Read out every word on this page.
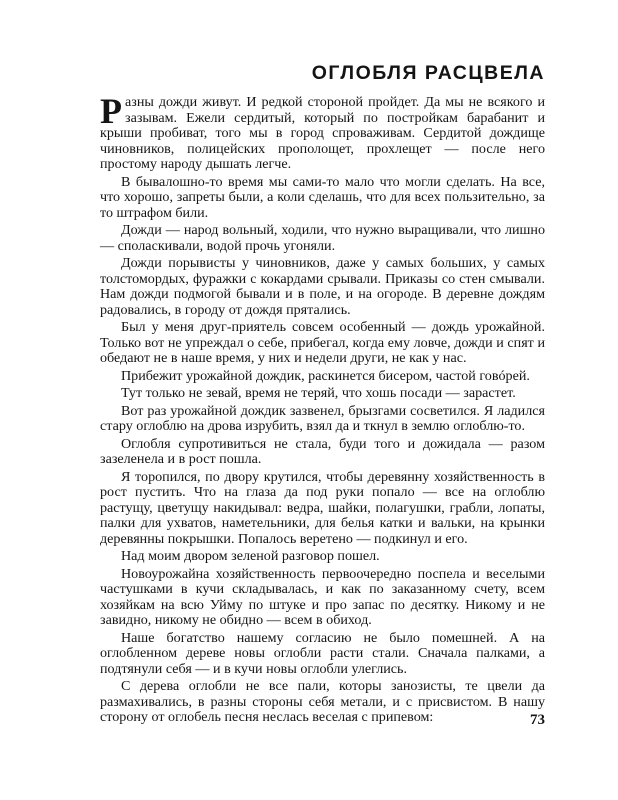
ОГЛОБЛЯ РАСЦВЕЛА

Разны дожди живут. И редкой стороной пройдет. Да мы не всякого и зазывам. Ежели сердитый, который по постройкам барабанит и крыши пробиват, того мы в город спроваживам. Сердитой дождище чиновников, полицейских прополощет, прохлещет — после него простому народу дышать легче.

В бывалошно-то время мы сами-то мало что могли сделать. На все, что хорошо, запреты были, а коли сделашь, что для всех пользительно, за то штрафом били.

Дожди — народ вольный, ходили, что нужно выращивали, что лишно — споласкивали, водой прочь угоняли.

Дожди порывисты у чиновников, даже у самых больших, у самых толстомордых, фуражки с кокардами срывали. Приказы со стен смывали. Нам дожди подмогой бывали и в поле, и на огороде. В деревне дождям радовались, в городу от дождя прятались.

Был у меня друг-приятель совсем особенный — дождь урожайной. Только вот не упреждал о себе, прибегал, когда ему ловче, дожди и спят и обедают не в наше время, у них и недели други, не как у нас.

Прибежит урожайной дождик, раскинется бисером, частой говóрей.

Тут только не зевай, время не теряй, что хошь посади — зарастет.

Вот раз урожайной дождик зазвенел, брызгами сосветился. Я ладился стару оглоблю на дрова изрубить, взял да и ткнул в землю оглоблю-то.

Оглобля супротивиться не стала, буди того и дожидала — разом зазеленела и в рост пошла.

Я торопился, по двору крутился, чтобы деревянну хозяйственность в рост пустить. Что на глаза да под руки попало — все на оглоблю растущу, цветущу накидывал: ведра, шайки, полагушки, грабли, лопаты, палки для ухватов, наметельники, для белья катки и вальки, на крынки деревянны покрышки. Попалось веретено — подкинул и его.

Над моим двором зеленой разговор пошел.

Новоурожайна хозяйственность первоочередно поспела и веселыми частушками в кучи складывалась, и как по заказанному счету, всем хозяйкам на всю Уйму по штуке и про запас по десятку. Никому и не завидно, никому не обидно — всем в обиход.

Наше богатство нашему согласию не было помешней. А на оглобленном дереве новы оглобли расти стали. Сначала палками, а подтянули себя — и в кучи новы оглобли улеглись.

С дерева оглобли не все пали, которы занозисты, те цвели да размахивались, в разны стороны себя метали, и с присвистом. В нашу сторону от оглобель песня неслась веселая с припевом:	73
